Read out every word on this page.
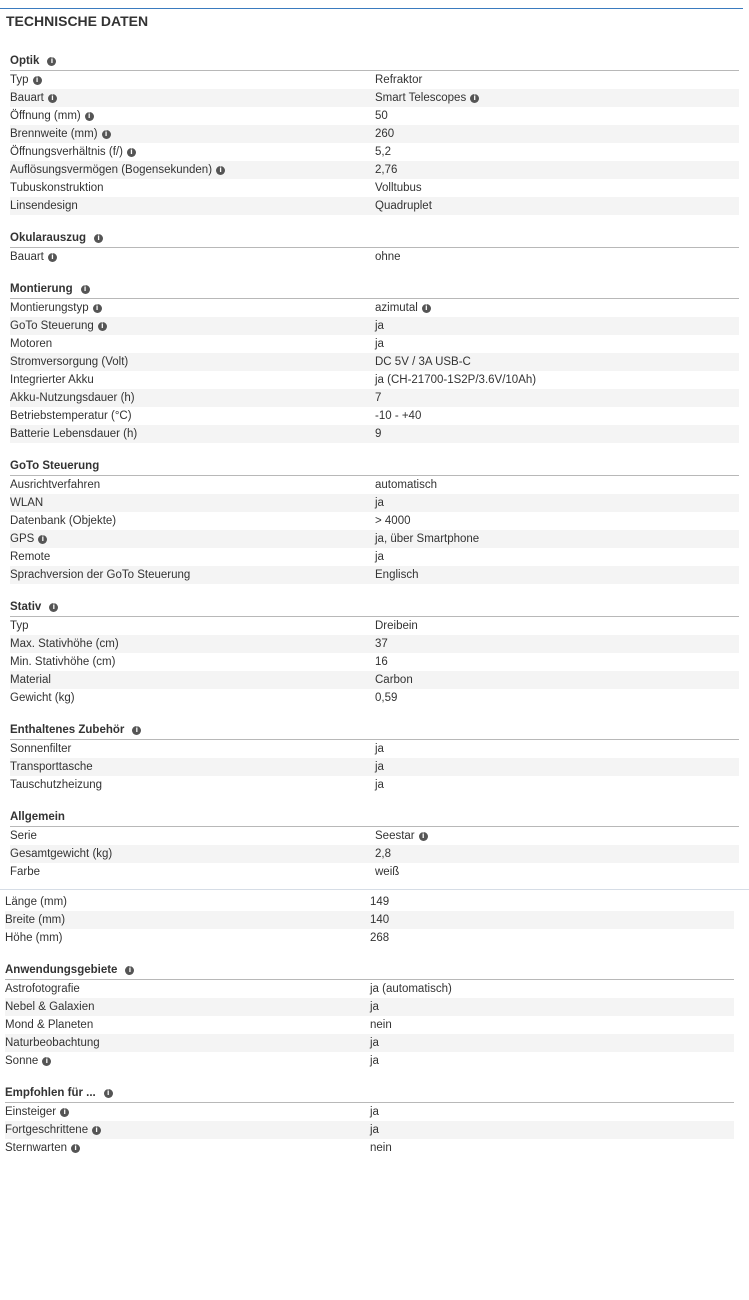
TECHNISCHE DATEN
Optik i
Typ i	Refraktor
Bauart i	Smart Telescopes i
Öffnung (mm) i	50
Brennweite (mm) i	260
Öffnungsverhältnis (f/) i	5,2
Auflösungsvermögen (Bogensekunden) i	2,76
Tubuskonstruktion	Volltubus
Linsendesign	Quadruplet
Okularauszug i
Bauart i	ohne
Montierung i
Montierungstyp i	azimutal i
GoTo Steuerung i	ja
Motoren	ja
Stromversorgung (Volt)	DC 5V / 3A USB-C
Integrierter Akku	ja (CH-21700-1S2P/3.6V/10Ah)
Akku-Nutzungsdauer (h)	7
Betriebstemperatur (°C)	-10 - +40
Batterie Lebensdauer (h)	9
GoTo Steuerung
Ausrichtverfahren	automatisch
WLAN	ja
Datenbank (Objekte)	> 4000
GPS i	ja, über Smartphone
Remote	ja
Sprachversion der GoTo Steuerung	Englisch
Stativ i
Typ	Dreibein
Max. Stativhöhe (cm)	37
Min. Stativhöhe (cm)	16
Material	Carbon
Gewicht (kg)	0,59
Enthaltenes Zubehör i
Sonnenfilter	ja
Transporttasche	ja
Tauschutzheizung	ja
Allgemein
Serie	Seestar i
Gesamtgewicht (kg)	2,8
Farbe	weiß
Länge (mm)	149
Breite (mm)	140
Höhe (mm)	268
Anwendungsgebiete i
Astrofotografie	ja (automatisch)
Nebel & Galaxien	ja
Mond & Planeten	nein
Naturbeobachtung	ja
Sonne i	ja
Empfohlen für ... i
Einsteiger i	ja
Fortgeschrittene i	ja
Sternwarten i	nein
